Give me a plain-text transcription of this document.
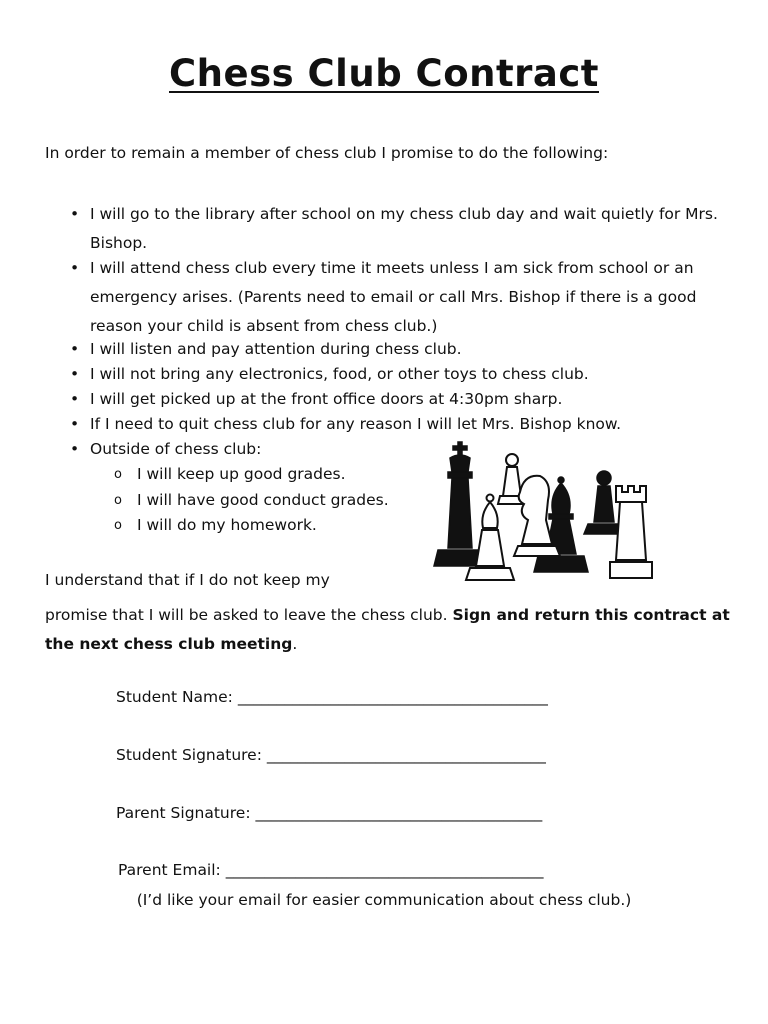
Chess Club Contract
In order to remain a member of chess club I promise to do the following:
• I will go to the library after school on my chess club day and wait quietly for Mrs. Bishop.
• I will attend chess club every time it meets unless I am sick from school or an emergency arises. (Parents need to email or call Mrs. Bishop if there is a good reason your child is absent from chess club.)
• I will listen and pay attention during chess club.
• I will not bring any electronics, food, or other toys to chess club.
• I will get picked up at the front office doors at 4:30pm sharp.
• If I need to quit chess club for any reason I will let Mrs. Bishop know.
• Outside of chess club:
o I will keep up good grades.
o I will have good conduct grades.
o I will do my homework.
I understand that if I do not keep my
promise that I will be asked to leave the chess club. Sign and return this contract at the next chess club meeting.
Student Name: ________________________________________
Student Signature: ____________________________________
Parent Signature: _____________________________________
Parent Email: _________________________________________
(I’d like your email for easier communication about chess club.)
